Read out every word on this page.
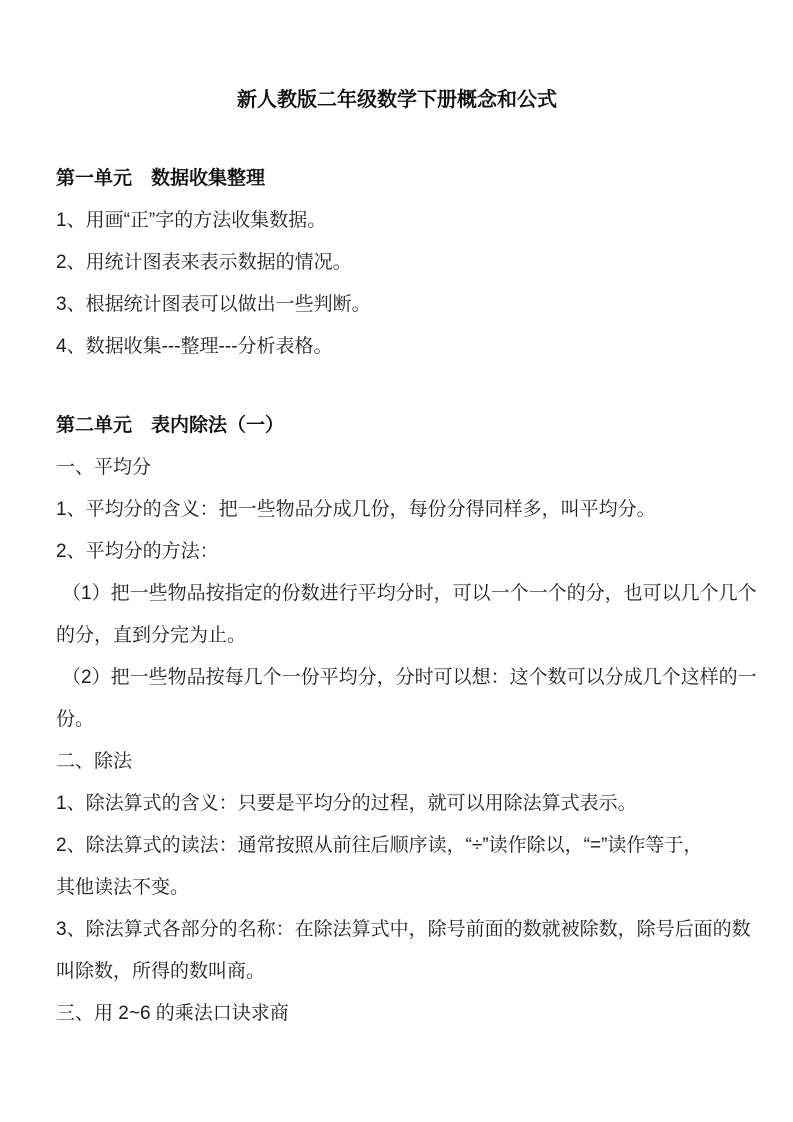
新人教版二年级数学下册概念和公式

第一单元　数据收集整理

1、用画“正”字的方法收集数据。

2、用统计图表来表示数据的情况。

3、根据统计图表可以做出一些判断。

4、数据收集---整理---分析表格。

第二单元　表内除法（一）

一、平均分

1、平均分的含义：把一些物品分成几份，每份分得同样多，叫平均分。

2、平均分的方法：

（1）把一些物品按指定的份数进行平均分时，可以一个一个的分，也可以几个几个

的分，直到分完为止。

（2）把一些物品按每几个一份平均分，分时可以想：这个数可以分成几个这样的一

份。

二、除法

1、除法算式的含义：只要是平均分的过程，就可以用除法算式表示。

2、除法算式的读法：通常按照从前往后顺序读，“÷”读作除以，“=”读作等于，

其他读法不变。

3、除法算式各部分的名称：在除法算式中，除号前面的数就被除数，除号后面的数

叫除数，所得的数叫商。

三、用 2~6 的乘法口诀求商
